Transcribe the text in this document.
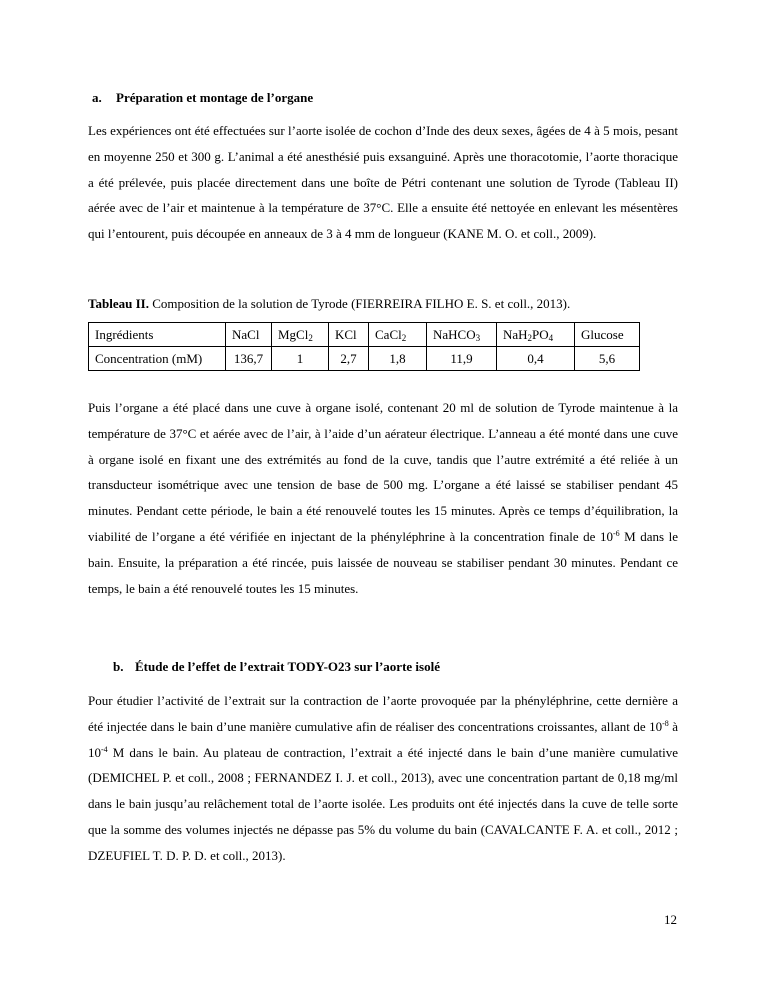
a. Préparation et montage de l’organe

Les expériences ont été effectuées sur l’aorte isolée de cochon d’Inde des deux sexes, âgées de 4 à 5 mois, pesant en moyenne 250 et 300 g. L’animal a été anesthésié puis exsanguiné. Après une thoracotomie, l’aorte thoracique a été prélevée, puis placée directement dans une boîte de Pétri contenant une solution de Tyrode (Tableau II) aérée avec de l’air et maintenue à la température de 37°C. Elle a ensuite été nettoyée en enlevant les mésentères qui l’entourent, puis découpée en anneaux de 3 à 4 mm de longueur (KANE M. O. et coll., 2009).

Tableau II. Composition de la solution de Tyrode (FIERREIRA FILHO E. S. et coll., 2013).
Ingrédients	NaCl	MgCl$_2$	KCl	CaCl$_2$	NaHCO$_3$	$NaH_2PO_4$	Glucose
Concentration (mM)	136,7	1	2,7	1,8	11,9	0,4	5,6

Puis l’organe a été placé dans une cuve à organe isolé, contenant 20 ml de solution de Tyrode maintenue à la température de 37°C et aérée avec de l’air, à l’aide d’un aérateur électrique. L’anneau a été monté dans une cuve à organe isolé en fixant une des extrémités au fond de la cuve, tandis que l’autre extrémité a été reliée à un transducteur isométrique avec une tension de base de 500 mg. L’organe a été laissé se stabiliser pendant 45 minutes. Pendant cette période, le bain a été renouvelé toutes les 15 minutes. Après ce temps d’équilibration, la viabilité de l’organe a été vérifiée en injectant de la phényléphrine à la concentration finale de $10^{-6}$ M dans le bain. Ensuite, la préparation a été rincée, puis laissée de nouveau se stabiliser pendant 30 minutes. Pendant ce temps, le bain a été renouvelé toutes les 15 minutes.

b. Étude de l’effet de l’extrait TODY-O23 sur l’aorte isolé

Pour étudier l’activité de l’extrait sur la contraction de l’aorte provoquée par la phényléphrine, cette dernière a été injectée dans le bain d’une manière cumulative afin de réaliser des concentrations croissantes, allant de $10^{-8}$ à $10^{-4}$ M dans le bain. Au plateau de contraction, l’extrait a été injecté dans le bain d’une manière cumulative (DEMICHEL P. et coll., 2008 ; FERNANDEZ I. J. et coll., 2013), avec une concentration partant de 0,18 mg/ml dans le bain jusqu’au relâchement total de l’aorte isolée. Les produits ont été injectés dans la cuve de telle sorte que la somme des volumes injectés ne dépasse pas 5% du volume du bain (CAVALCANTE F. A. et coll., 2012 ; DZEUFIEL T. D. P. D. et coll., 2013).

12
